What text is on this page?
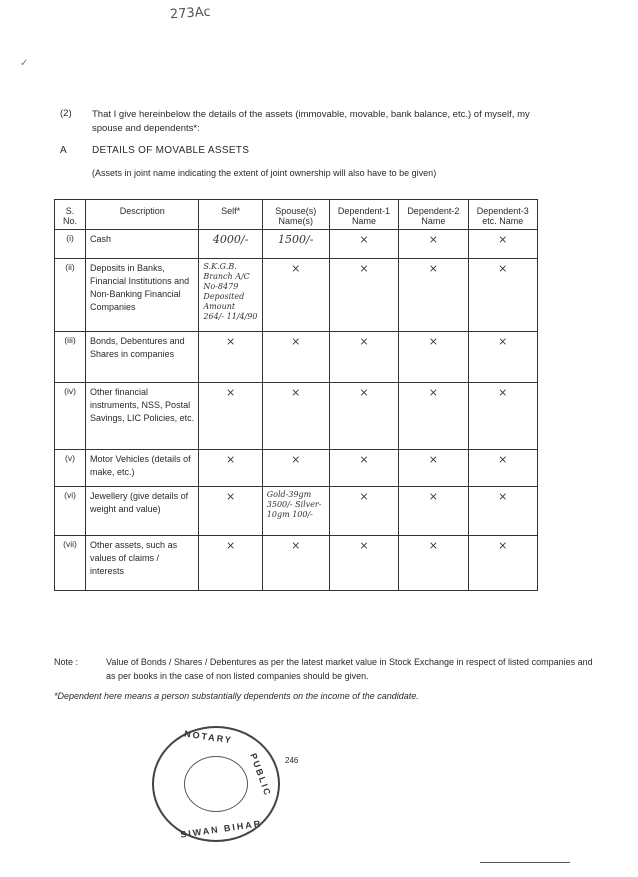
273Ac
✓
(2) That I give hereinbelow the details of the assets (immovable, movable, bank balance, etc.) of myself, my spouse and dependents*:
A	DETAILS OF MOVABLE ASSETS
(Assets in joint name indicating the extent of joint ownership will also have to be given)
S. No.	Description	Self*	Spouse(s) Name(s)	Dependent-1 Name	Dependent-2 Name	Dependent-3 etc. Name
(i)	Cash	4000/-	1500/-	×	×	×
(ii)	Deposits in Banks, Financial Institutions and Non-Banking Financial Companies	S.K.G.B. Branch A/C No-8479 Deposited Amount 264/- 11/4/90	×	×	×	×
(iii)	Bonds, Debentures and Shares in companies	×	×	×	×	×
(iv)	Other financial instruments, NSS, Postal Savings, LIC Policies, etc.	×	×	×	×	×
(v)	Motor Vehicles (details of make, etc.)	×	×	×	×	×
(vi)	Jewellery (give details of weight and value)	×	Gold-39gm 3500/- Silver-10gm 100/-	×	×	×
(vii)	Other assets, such as values of claims / interests	×	×	×	×	×
Note :	Value of Bonds / Shares / Debentures as per the latest market value in Stock Exchange in respect of listed companies and as per books in the case of non listed companies should be given.
*Dependent here means a person substantially dependents on the income of the candidate.
NOTARY
PUBLIC
SIWAN BIHAR
246
